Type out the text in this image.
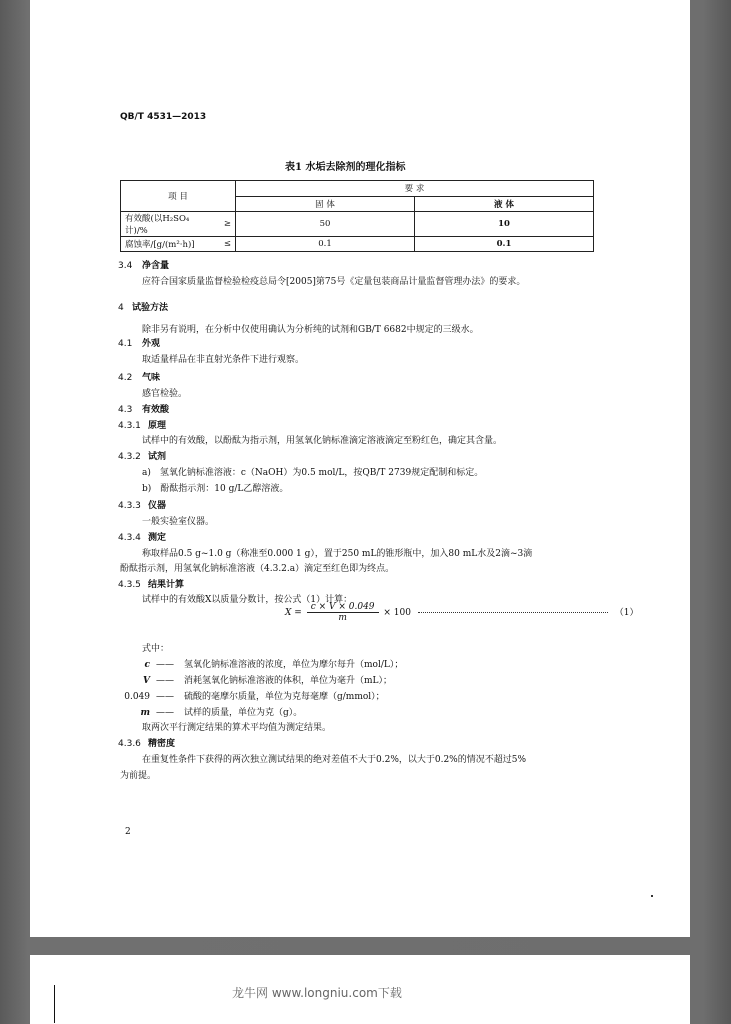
QB/T 4531—2013
表1 水垢去除剂的理化指标
项 目		要 求	
		固 体	液 体
有效酸(以H₂SO₄计)/%	≥	50	10
腐蚀率/[g/(m²·h)]	≤	0.1	0.1
3.4 净含量
应符合国家质量监督检验检疫总局令[2005]第75号《定量包装商品计量监督管理办法》的要求。
4 试验方法
除非另有说明，在分析中仅使用确认为分析纯的试剂和GB/T 6682中规定的三级水。
4.1 外观
取适量样品在非直射光条件下进行观察。
4.2 气味
感官检验。
4.3 有效酸
4.3.1 原理
试样中的有效酸，以酚酞为指示剂，用氢氧化钠标准滴定溶液滴定至粉红色，确定其含量。
4.3.2 试剂
a)　氢氧化钠标准溶液：c（NaOH）为0.5 mol/L，按QB/T 2739规定配制和标定。
b)　酚酞指示剂：10 g/L乙醇溶液。
4.3.3 仪器
一般实验室仪器。
4.3.4 测定
称取样品0.5 g~1.0 g（称准至0.000 1 g），置于250 mL的锥形瓶中，加入80 mL水及2滴~3滴
酚酞指示剂，用氢氧化钠标准溶液（4.3.2.a）滴定至红色即为终点。
4.3.5 结果计算
试样中的有效酸X以质量分数计，按公式（1）计算：
$X = \frac{c \times V \times 0.049}{m} \times 100$	（1）
式中：
c —— 氢氧化钠标准溶液的浓度，单位为摩尔每升（mol/L）；
V —— 消耗氢氧化钠标准溶液的体积，单位为毫升（mL）；
0.049 —— 硫酸的毫摩尔质量，单位为克每毫摩（g/mmol）；
m —— 试样的质量，单位为克（g）。
取两次平行测定结果的算术平均值为测定结果。
4.3.6 精密度
在重复性条件下获得的两次独立测试结果的绝对差值不大于0.2%，以大于0.2%的情况不超过5%
为前提。
2
龙牛网 www.longniu.com下载
